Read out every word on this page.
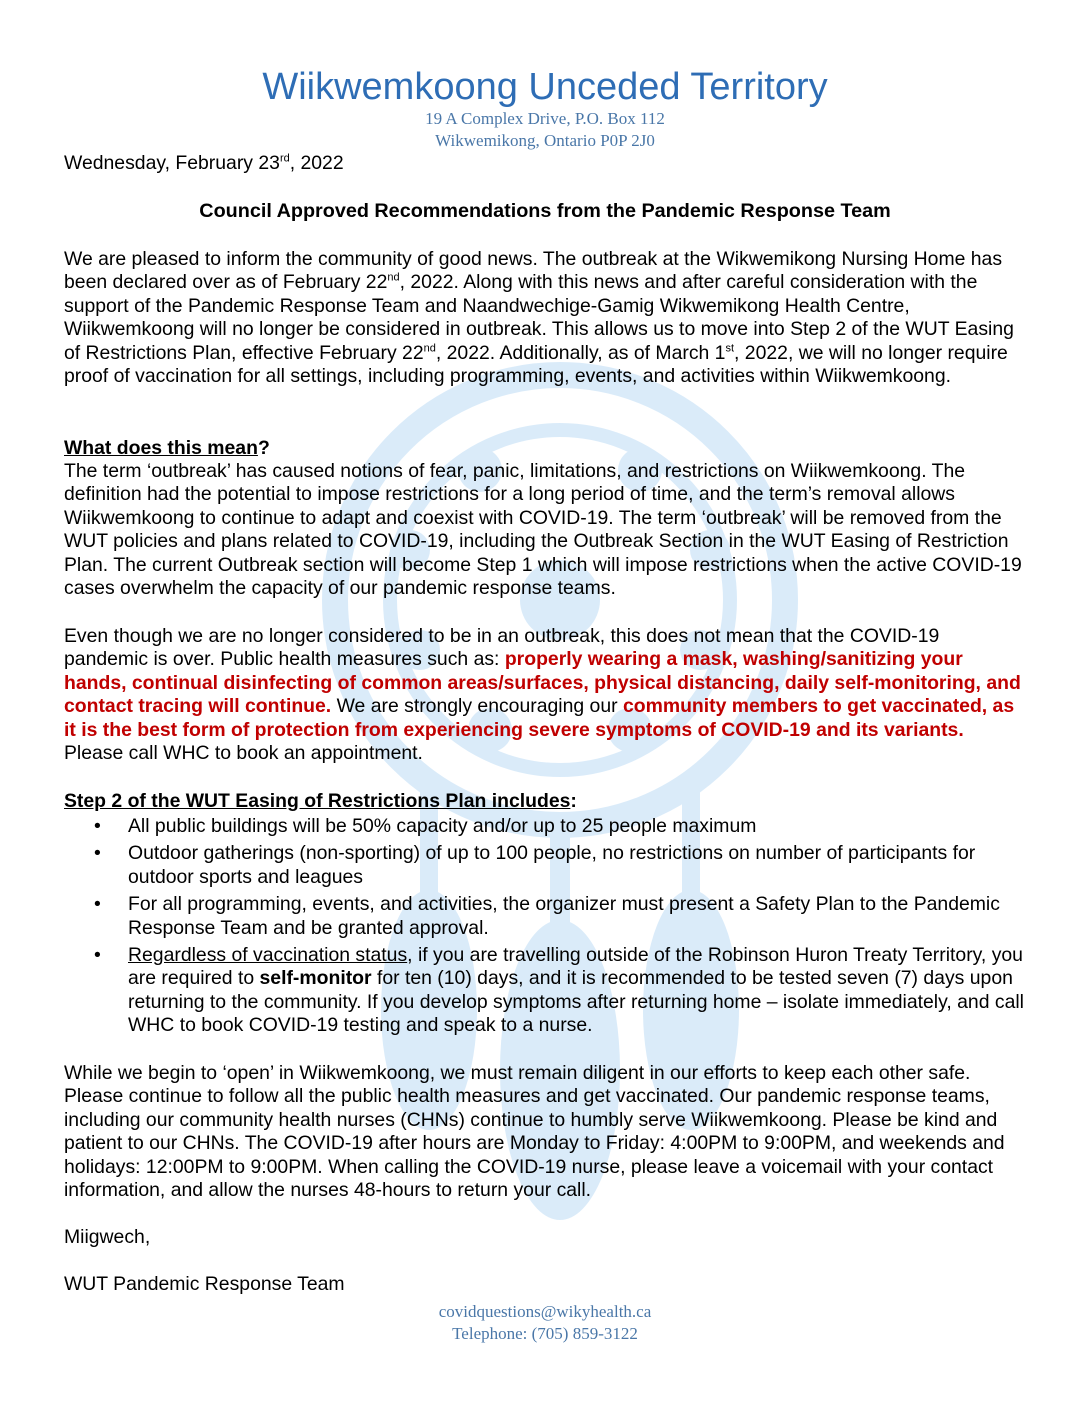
Wiikwemkoong Unceded Territory
19 A Complex Drive, P.O. Box 112
Wikwemikong, Ontario P0P 2J0
Wednesday, February 23rd, 2022
Council Approved Recommendations from the Pandemic Response Team
We are pleased to inform the community of good news. The outbreak at the Wikwemikong Nursing Home has been declared over as of February 22nd, 2022. Along with this news and after careful consideration with the support of the Pandemic Response Team and Naandwechige-Gamig Wikwemikong Health Centre, Wiikwemkoong will no longer be considered in outbreak. This allows us to move into Step 2 of the WUT Easing of Restrictions Plan, effective February 22nd, 2022. Additionally, as of March 1st, 2022, we will no longer require proof of vaccination for all settings, including programming, events, and activities within Wiikwemkoong.
What does this mean?
The term ‘outbreak’ has caused notions of fear, panic, limitations, and restrictions on Wiikwemkoong. The definition had the potential to impose restrictions for a long period of time, and the term’s removal allows Wiikwemkoong to continue to adapt and coexist with COVID-19. The term ‘outbreak’ will be removed from the WUT policies and plans related to COVID-19, including the Outbreak Section in the WUT Easing of Restriction Plan. The current Outbreak section will become Step 1 which will impose restrictions when the active COVID-19 cases overwhelm the capacity of our pandemic response teams.
Even though we are no longer considered to be in an outbreak, this does not mean that the COVID-19 pandemic is over. Public health measures such as: properly wearing a mask, washing/sanitizing your hands, continual disinfecting of common areas/surfaces, physical distancing, daily self-monitoring, and contact tracing will continue. We are strongly encouraging our community members to get vaccinated, as it is the best form of protection from experiencing severe symptoms of COVID-19 and its variants. Please call WHC to book an appointment.
Step 2 of the WUT Easing of Restrictions Plan includes:
• All public buildings will be 50% capacity and/or up to 25 people maximum
• Outdoor gatherings (non-sporting) of up to 100 people, no restrictions on number of participants for outdoor sports and leagues
• For all programming, events, and activities, the organizer must present a Safety Plan to the Pandemic Response Team and be granted approval.
• Regardless of vaccination status, if you are travelling outside of the Robinson Huron Treaty Territory, you are required to self-monitor for ten (10) days, and it is recommended to be tested seven (7) days upon returning to the community. If you develop symptoms after returning home – isolate immediately, and call WHC to book COVID-19 testing and speak to a nurse.
While we begin to ‘open’ in Wiikwemkoong, we must remain diligent in our efforts to keep each other safe. Please continue to follow all the public health measures and get vaccinated. Our pandemic response teams, including our community health nurses (CHNs) continue to humbly serve Wiikwemkoong. Please be kind and patient to our CHNs. The COVID-19 after hours are Monday to Friday: 4:00PM to 9:00PM, and weekends and holidays: 12:00PM to 9:00PM. When calling the COVID-19 nurse, please leave a voicemail with your contact information, and allow the nurses 48-hours to return your call.
Miigwech,
WUT Pandemic Response Team
covidquestions@wikyhealth.ca
Telephone: (705) 859-3122
